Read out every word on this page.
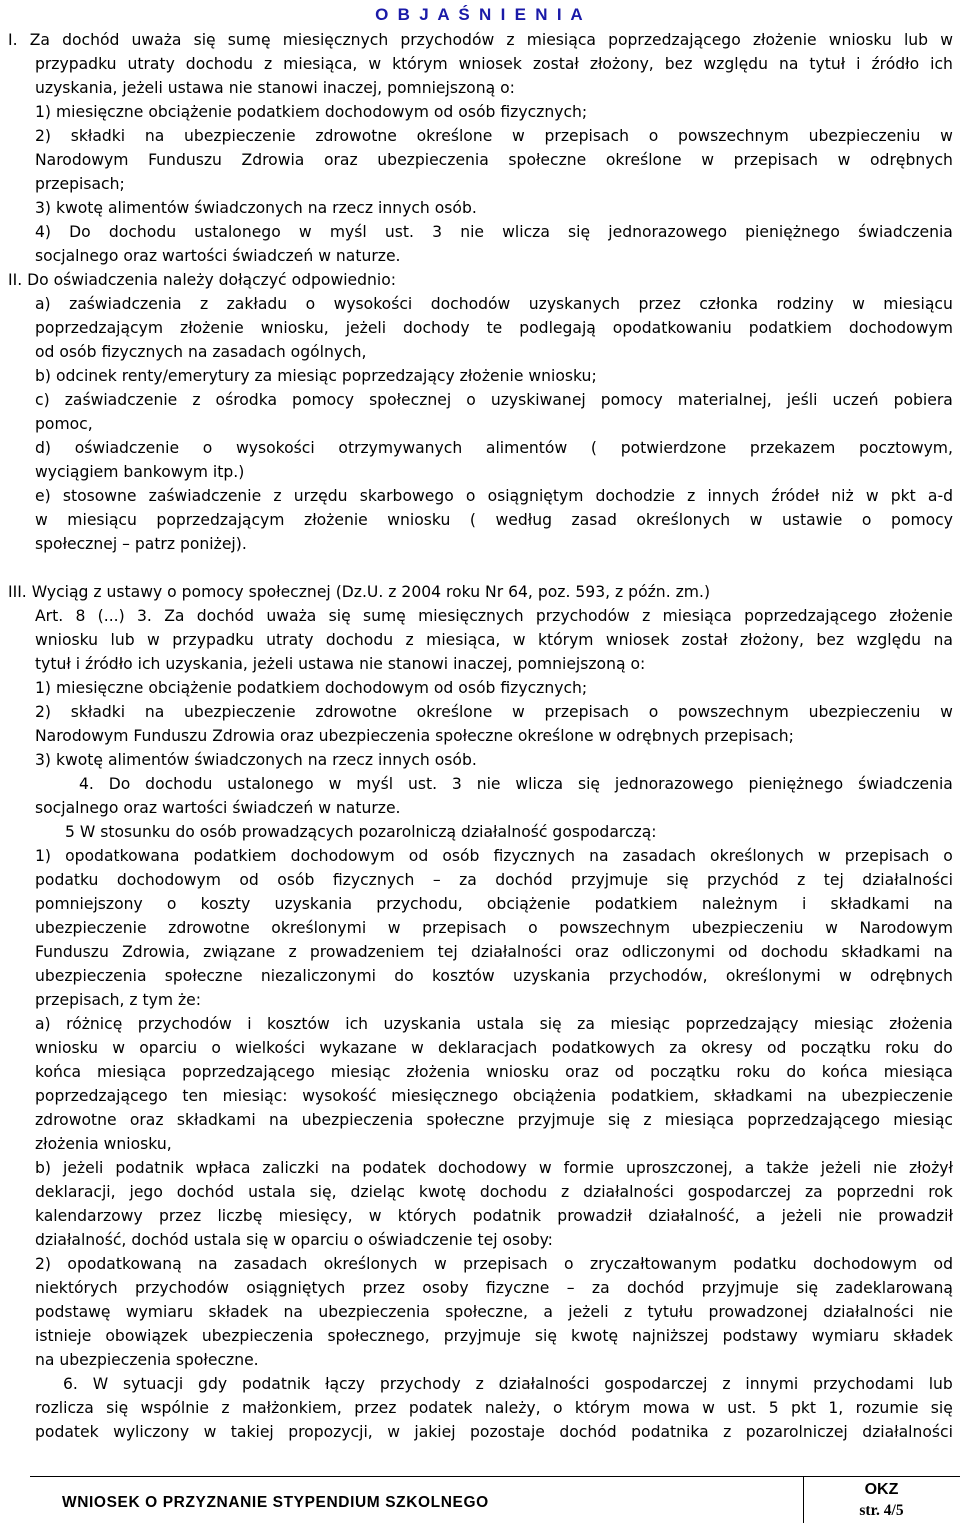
O B J A Ś N I E N I A
I. Za dochód uważa się sumę miesięcznych przychodów z miesiąca poprzedzającego złożenie wniosku lub w
przypadku utraty dochodu z miesiąca, w którym wniosek został złożony, bez względu na tytuł i źródło ich
uzyskania, jeżeli ustawa nie stanowi inaczej, pomniejszoną o:
1) miesięczne obciążenie podatkiem dochodowym od osób fizycznych;
2) składki na ubezpieczenie zdrowotne określone w przepisach o powszechnym ubezpieczeniu w
Narodowym Funduszu Zdrowia oraz ubezpieczenia społeczne określone w przepisach w odrębnych
przepisach;
3) kwotę alimentów świadczonych na rzecz innych osób.
4) Do dochodu ustalonego w myśl ust. 3 nie wlicza się jednorazowego pieniężnego świadczenia
socjalnego oraz wartości świadczeń w naturze.
II. Do oświadczenia należy dołączyć odpowiednio:
a) zaświadczenia z zakładu o wysokości dochodów uzyskanych przez członka rodziny w miesiącu
poprzedzającym złożenie wniosku, jeżeli dochody te podlegają opodatkowaniu podatkiem dochodowym
od osób fizycznych na zasadach ogólnych,
b) odcinek renty/emerytury za miesiąc poprzedzający złożenie wniosku;
c) zaświadczenie z ośrodka pomocy społecznej o uzyskiwanej pomocy materialnej, jeśli uczeń pobiera
pomoc,
d) oświadczenie o wysokości otrzymywanych alimentów ( potwierdzone przekazem pocztowym,
wyciągiem bankowym itp.)
e) stosowne zaświadczenie z urzędu skarbowego o osiągniętym dochodzie z innych źródeł niż w pkt a-d
w miesiącu poprzedzającym złożenie wniosku ( według zasad określonych w ustawie o pomocy
społecznej – patrz poniżej).
III. Wyciąg z ustawy o pomocy społecznej (Dz.U. z 2004 roku Nr 64, poz. 593, z późn. zm.)
Art. 8 (...) 3. Za dochód uważa się sumę miesięcznych przychodów z miesiąca poprzedzającego złożenie
wniosku lub w przypadku utraty dochodu z miesiąca, w którym wniosek został złożony, bez względu na
tytuł i źródło ich uzyskania, jeżeli ustawa nie stanowi inaczej, pomniejszoną o:
1) miesięczne obciążenie podatkiem dochodowym od osób fizycznych;
2) składki na ubezpieczenie zdrowotne określone w przepisach o powszechnym ubezpieczeniu w
Narodowym Funduszu Zdrowia oraz ubezpieczenia społeczne określone w odrębnych przepisach;
3) kwotę alimentów świadczonych na rzecz innych osób.
4. Do dochodu ustalonego w myśl ust. 3 nie wlicza się jednorazowego pieniężnego świadczenia
socjalnego oraz wartości świadczeń w naturze.
5 W stosunku do osób prowadzących pozarolniczą działalność gospodarczą:
1) opodatkowana podatkiem dochodowym od osób fizycznych na zasadach określonych w przepisach o
podatku dochodowym od osób fizycznych – za dochód przyjmuje się przychód z tej działalności
pomniejszony o koszty uzyskania przychodu, obciążenie podatkiem należnym i składkami na
ubezpieczenie zdrowotne określonymi w przepisach o powszechnym ubezpieczeniu w Narodowym
Funduszu Zdrowia, związane z prowadzeniem tej działalności oraz odliczonymi od dochodu składkami na
ubezpieczenia społeczne niezaliczonymi do kosztów uzyskania przychodów, określonymi w odrębnych
przepisach, z tym że:
a) różnicę przychodów i kosztów ich uzyskania ustala się za miesiąc poprzedzający miesiąc złożenia
wniosku w oparciu o wielkości wykazane w deklaracjach podatkowych za okresy od początku roku do
końca miesiąca poprzedzającego miesiąc złożenia wniosku oraz od początku roku do końca miesiąca
poprzedzającego ten miesiąc: wysokość miesięcznego obciążenia podatkiem, składkami na ubezpieczenie
zdrowotne oraz składkami na ubezpieczenia społeczne przyjmuje się z miesiąca poprzedzającego miesiąc
złożenia wniosku,
b) jeżeli podatnik wpłaca zaliczki na podatek dochodowy w formie uproszczonej, a także jeżeli nie złożył
deklaracji, jego dochód ustala się, dzieląc kwotę dochodu z działalności gospodarczej za poprzedni rok
kalendarzowy przez liczbę miesięcy, w których podatnik prowadził działalność, a jeżeli nie prowadził
działalność, dochód ustala się w oparciu o oświadczenie tej osoby:
2) opodatkowaną na zasadach określonych w przepisach o zryczałtowanym podatku dochodowym od
niektórych przychodów osiągniętych przez osoby fizyczne – za dochód przyjmuje się zadeklarowaną
podstawę wymiaru składek na ubezpieczenia społeczne, a jeżeli z tytułu prowadzonej działalności nie
istnieje obowiązek ubezpieczenia społecznego, przyjmuje się kwotę najniższej podstawy wymiaru składek
na ubezpieczenia społeczne.
6. W sytuacji gdy podatnik łączy przychody z działalności gospodarczej z innymi przychodami lub
rozlicza się wspólnie z małżonkiem, przez podatek należy, o którym mowa w ust. 5 pkt 1, rozumie się
podatek wyliczony w takiej propozycji, w jakiej pozostaje dochód podatnika z pozarolniczej działalności
WNIOSEK O PRZYZNANIE STYPENDIUM SZKOLNEGO
OKZ
str. 4/5
